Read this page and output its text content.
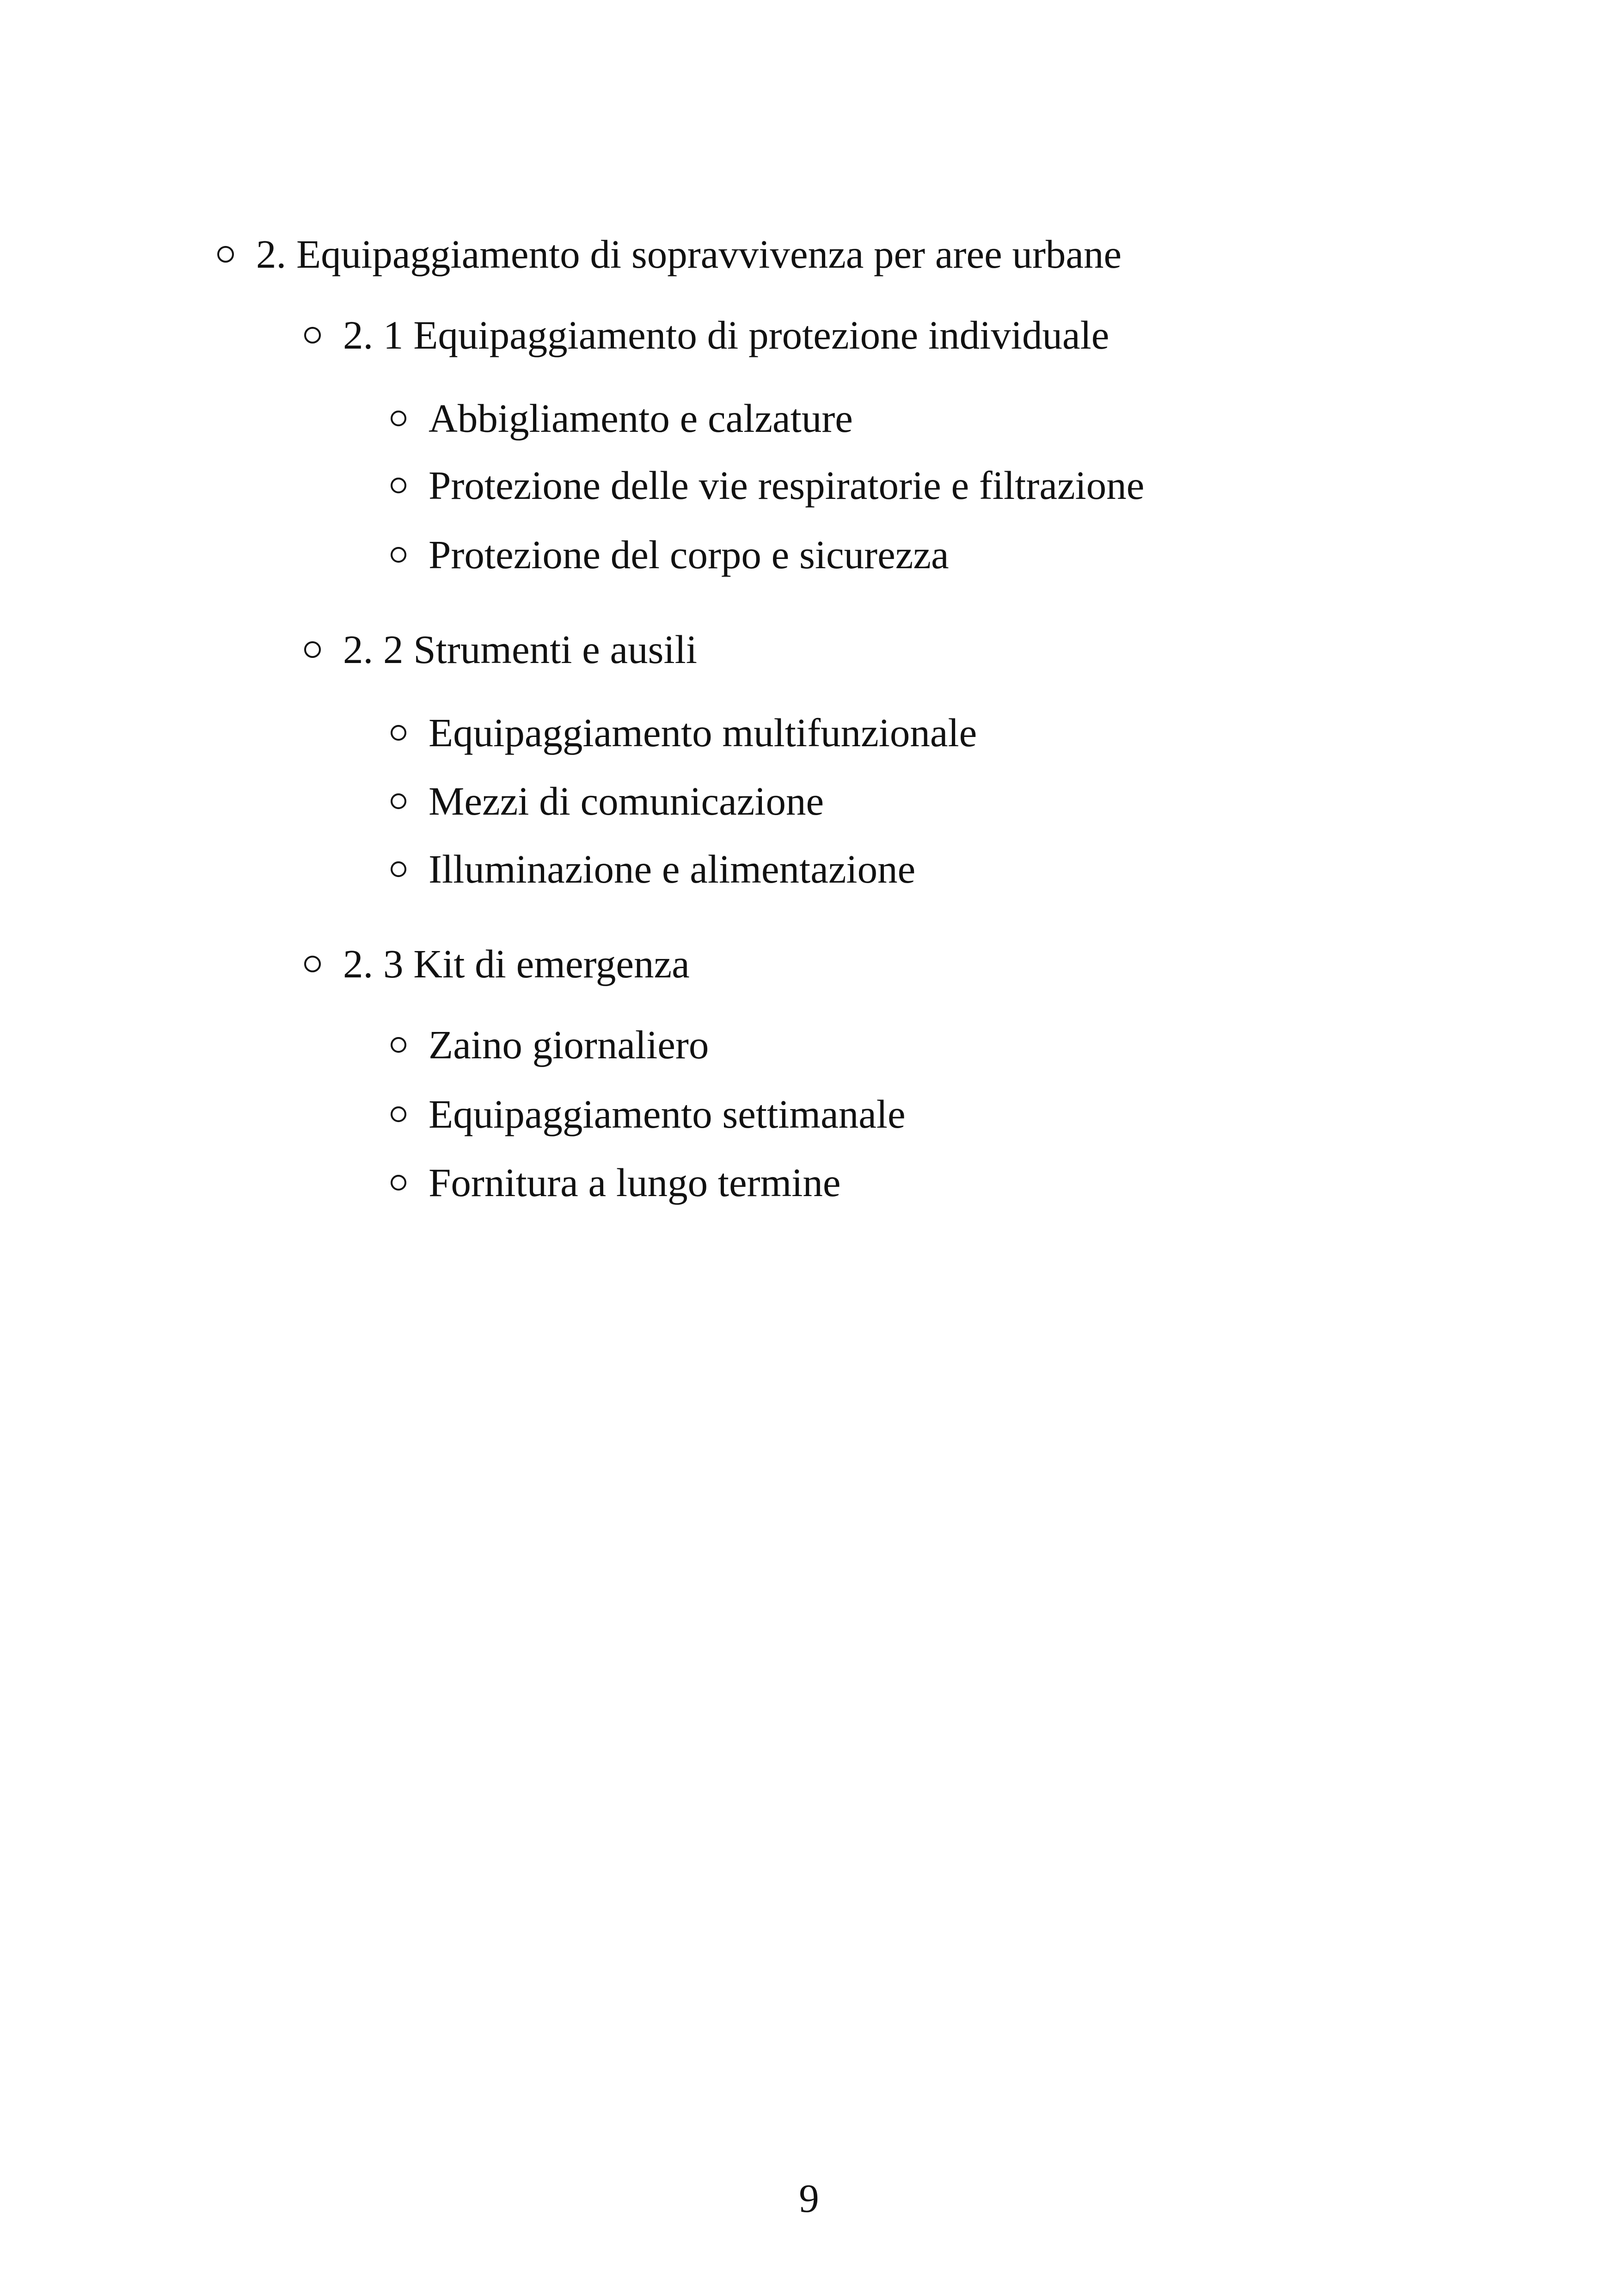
2. Equipaggiamento di sopravvivenza per aree urbane
2. 1 Equipaggiamento di protezione individuale
Abbigliamento e calzature
Protezione delle vie respiratorie e filtrazione
Protezione del corpo e sicurezza
2. 2 Strumenti e ausili
Equipaggiamento multifunzionale
Mezzi di comunicazione
Illuminazione e alimentazione
2. 3 Kit di emergenza
Zaino giornaliero
Equipaggiamento settimanale
Fornitura a lungo termine
9
